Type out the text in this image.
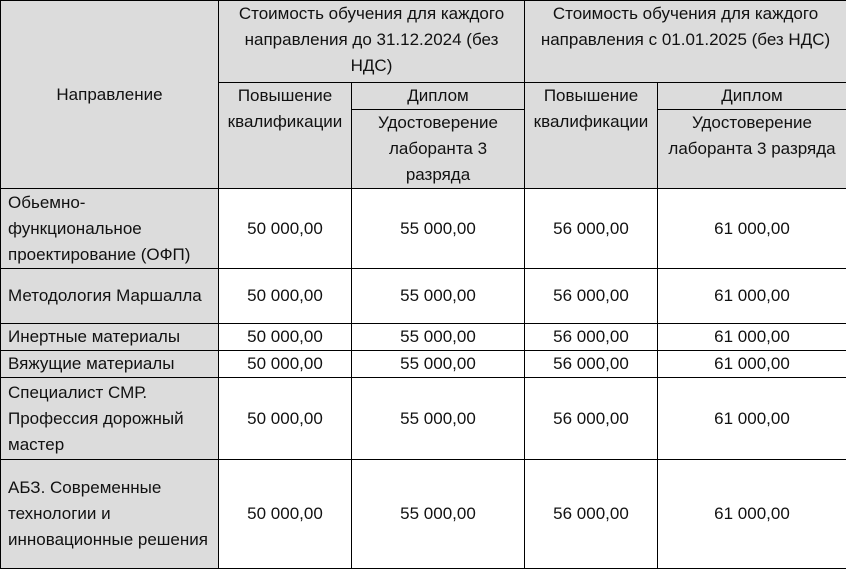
Направление	Стоимость обучения для каждого направления до 31.12.2024 (без НДС)		Стоимость обучения для каждого направления с 01.01.2025 (без НДС)	
	Повышение квалификации	Диплом	Повышение квалификации	Диплом
		Удостоверение лаборанта 3 разряда		Удостоверение лаборанта 3 разряда
Обьемно-функциональное проектирование (ОФП)	50 000,00	55 000,00	56 000,00	61 000,00
Методология Маршалла	50 000,00	55 000,00	56 000,00	61 000,00
Инертные материалы	50 000,00	55 000,00	56 000,00	61 000,00
Вяжущие материалы	50 000,00	55 000,00	56 000,00	61 000,00
Специалист СМР. Профессия дорожный мастер	50 000,00	55 000,00	56 000,00	61 000,00
АБЗ. Современные технологии и инновационные решения	50 000,00	55 000,00	56 000,00	61 000,00
